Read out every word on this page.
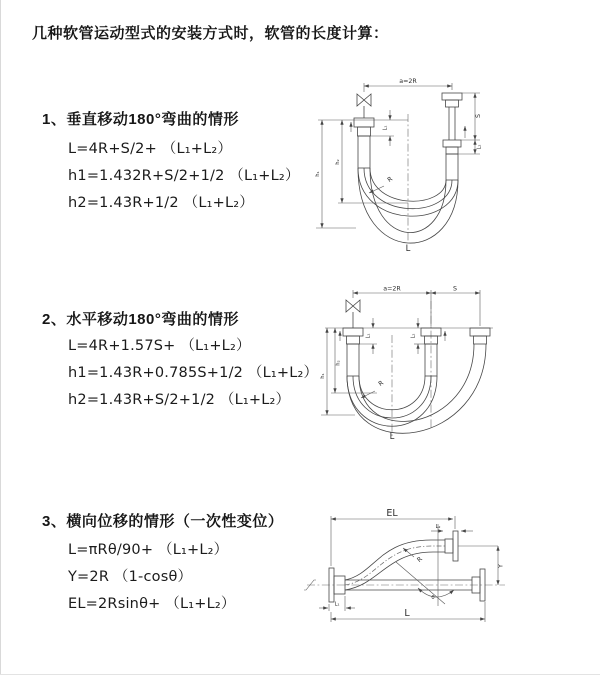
几种软管运动型式的安装方式时，软管的长度计算：
1、垂直移动180°弯曲的情形
L=4R+S/2+ （L₁+L₂）
h1=1.432R+S/2+1/2 （L₁+L₂）
h2=1.43R+1/2 （L₁+L₂）
2、水平移动180°弯曲的情形
L=4R+1.57S+ （L₁+L₂）
h1=1.43R+0.785S+1/2 （L₁+L₂）
h2=1.43R+S/2+1/2 （L₁+L₂）
3、横向位移的情形（一次性变位）
L=πRθ/90+ （L₁+L₂）
Y=2R （1-cosθ）
EL=2Rsinθ+ （L₁+L₂）
a=2R
S
L₂
h₂
h₁
L₁
R
L
a=2R	S
h₂
h₁
L₁	L₂
R
L
EL
L₂
Y
θ
R
L₁
L
